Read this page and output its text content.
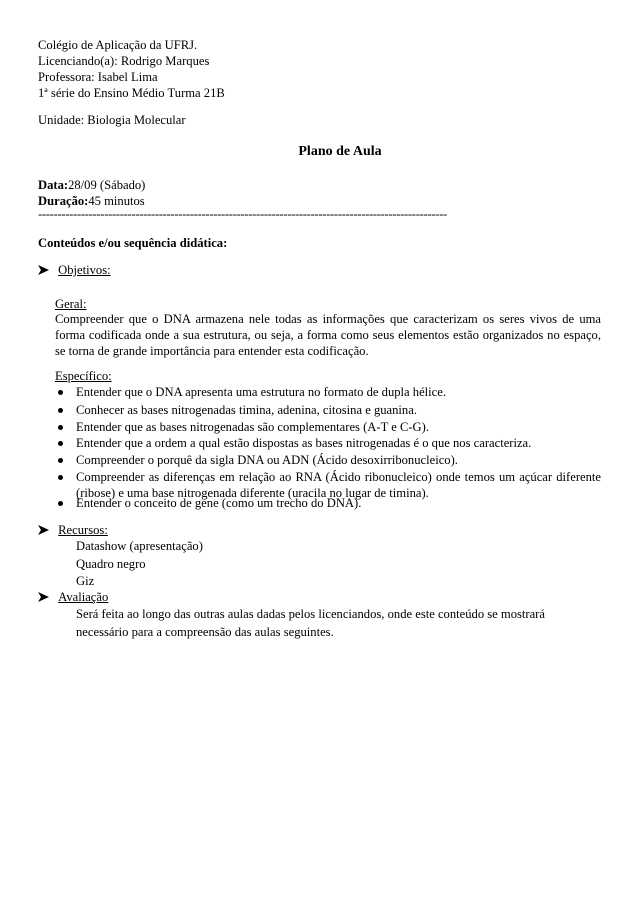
Colégio de Aplicação da UFRJ.
Licenciando(a): Rodrigo Marques
Professora: Isabel Lima
1ª série do Ensino Médio Turma 21B
Unidade: Biologia Molecular
Plano de Aula
Data:28/09 (Sábado)
Duração:45 minutos
---------------------------------------------------------------------------------------------------------
Conteúdos e/ou sequência didática:
Objetivos:
Geral:
Compreender que o DNA armazena nele todas as informações que caracterizam os seres vivos de uma forma codificada onde a sua estrutura, ou seja, a forma como seus elementos estão organizados no espaço, se torna de grande importância para entender esta codificação.
Específico:
Entender que o DNA apresenta uma estrutura no formato de dupla hélice.
Conhecer as bases nitrogenadas timina, adenina, citosina e guanina.
Entender que as bases nitrogenadas são complementares (A-T e C-G).
Entender que a ordem a qual estão dispostas as bases nitrogenadas é o que nos caracteriza.
Compreender o porquê da sigla DNA ou ADN (Ácido desoxirribonucleico).
Compreender as diferenças em relação ao RNA (Ácido ribonucleico) onde temos um açúcar diferente (ribose) e uma base nitrogenada diferente (uracila no lugar de timina).
Entender o conceito de gene (como um trecho do DNA).
Recursos:
Datashow (apresentação)
Quadro negro
Giz
Avaliação
Será feita ao longo das outras aulas dadas pelos licenciandos, onde este conteúdo se mostrará necessário para a compreensão das aulas seguintes.
